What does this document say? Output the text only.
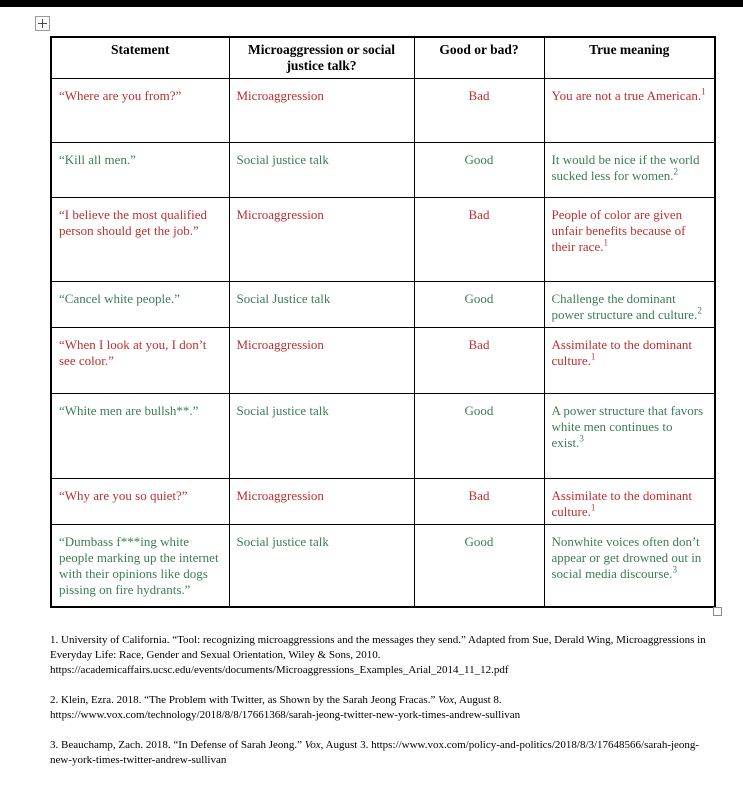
Statement	Microaggression or social justice talk?	Good or bad?	True meaning
“Where are you from?”	Microaggression	Bad	You are not a true American.$^1$
“Kill all men.”	Social justice talk	Good	It would be nice if the world sucked less for women.$^2$
“I believe the most qualified person should get the job.”	Microaggression	Bad	People of color are given unfair benefits because of their race.$^1$
“Cancel white people.”	Social Justice talk	Good	Challenge the dominant power structure and culture.$^2$
“When I look at you, I don’t see color.”	Microaggression	Bad	Assimilate to the dominant culture.$^1$
“White men are bullsh**.”	Social justice talk	Good	A power structure that favors white men continues to exist.$^3$
“Why are you so quiet?”	Microaggression	Bad	Assimilate to the dominant culture.$^1$
“Dumbass f***ing white people marking up the internet with their opinions like dogs pissing on fire hydrants.”	Social justice talk	Good	Nonwhite voices often don’t appear or get drowned out in social media discourse.$^3$

1. University of California. “Tool: recognizing microaggressions and the messages they send.” Adapted from Sue, Derald Wing, Microaggressions in Everyday Life: Race, Gender and Sexual Orientation, Wiley & Sons, 2010. https://academicaffairs.ucsc.edu/events/documents/Microaggressions_Examples_Arial_2014_11_12.pdf

2. Klein, Ezra. 2018. “The Problem with Twitter, as Shown by the Sarah Jeong Fracas.” Vox, August 8. https://www.vox.com/technology/2018/8/8/17661368/sarah-jeong-twitter-new-york-times-andrew-sullivan

3. Beauchamp, Zach. 2018. “In Defense of Sarah Jeong.” Vox, August 3. https://www.vox.com/policy-and-politics/2018/8/3/17648566/sarah-jeong-new-york-times-twitter-andrew-sullivan
